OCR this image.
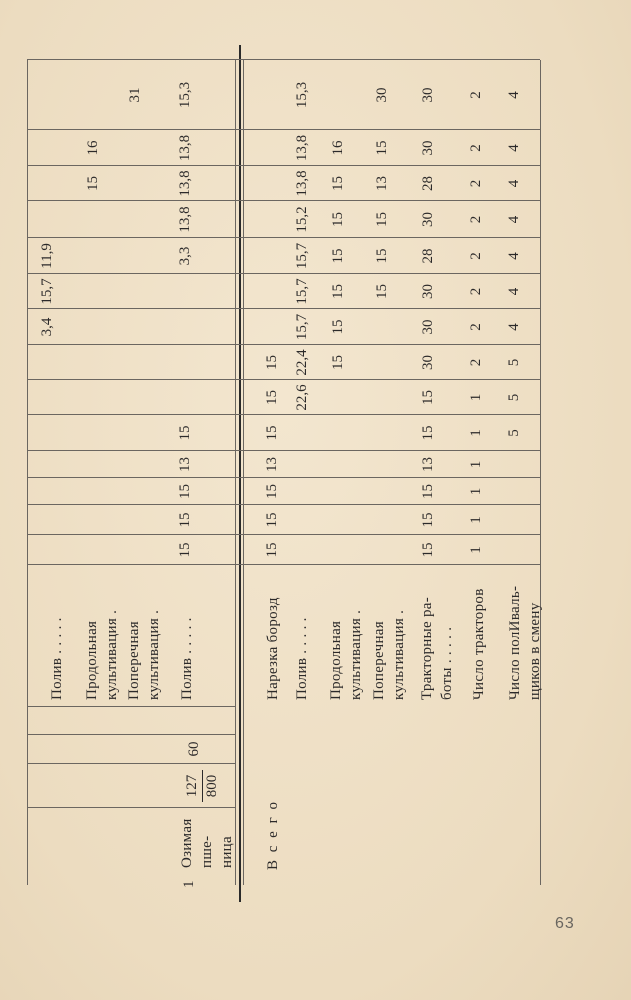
Полив . . . . .
3,4
15,7
11,9
Продольная культивация .
15
16
Поперечная культивация .
31
Полив . . . . .
15
15
15
13
15
3,3
13,8
13,8
13,8
15,3
1
Озимая пше- ница
127 800
60
В с е г о
Нарезка борозд
15
15
15
13
15
15
15
Полив . . . . .
22,6
22,4
15,7
15,7
15,7
15,2
13,8
13,8
15,3
Продольная культивация .
15
15
15
15
15
15
16
Поперечная культивация .
15
15
15
13
15
30
Тракторные ра- боты . . . . .
15
15
15
13
15
15
30
30
30
28
30
28
30
30
Число тракторов
1
1
1
1
1
1
2
2
2
2
2
2
2
2
Число полИваль- щиков в смену
5
5
5
4
4
4
4
4
4
4
63
